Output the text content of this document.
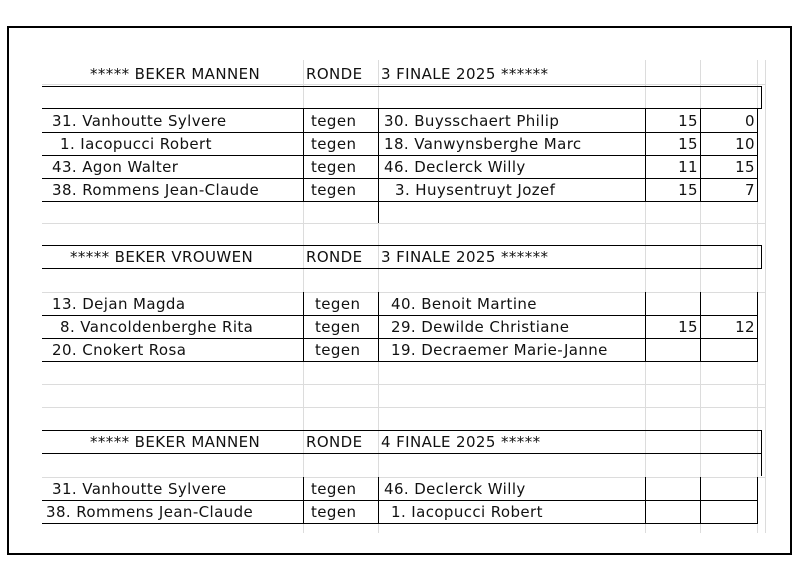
***** BEKER MANNEN	RONDE 3 FINALE 2025 ******
31. Vanhoutte Sylvere	tegen 30. Buysschaert Philip	15	0
1. Iacopucci Robert	tegen 18. Vanwynsberghe Marc	15	10
43. Agon Walter	tegen 46. Declerck Willy	11	15
38. Rommens Jean-Claude	tegen	3. Huysentruyt Jozef	15	7
***** BEKER VROUWEN	RONDE 3 FINALE 2025 ******
13. Dejan Magda	tegen 40. Benoit Martine
8. Vancoldenberghe Rita	tegen 29. Dewilde Christiane	15	12
20. Cnokert Rosa	tegen 19. Decraemer Marie-Janne
***** BEKER MANNEN	RONDE 4 FINALE 2025 *****
31. Vanhoutte Sylvere	tegen 46. Declerck Willy
38. Rommens Jean-Claude	tegen 1. Iacopucci Robert
